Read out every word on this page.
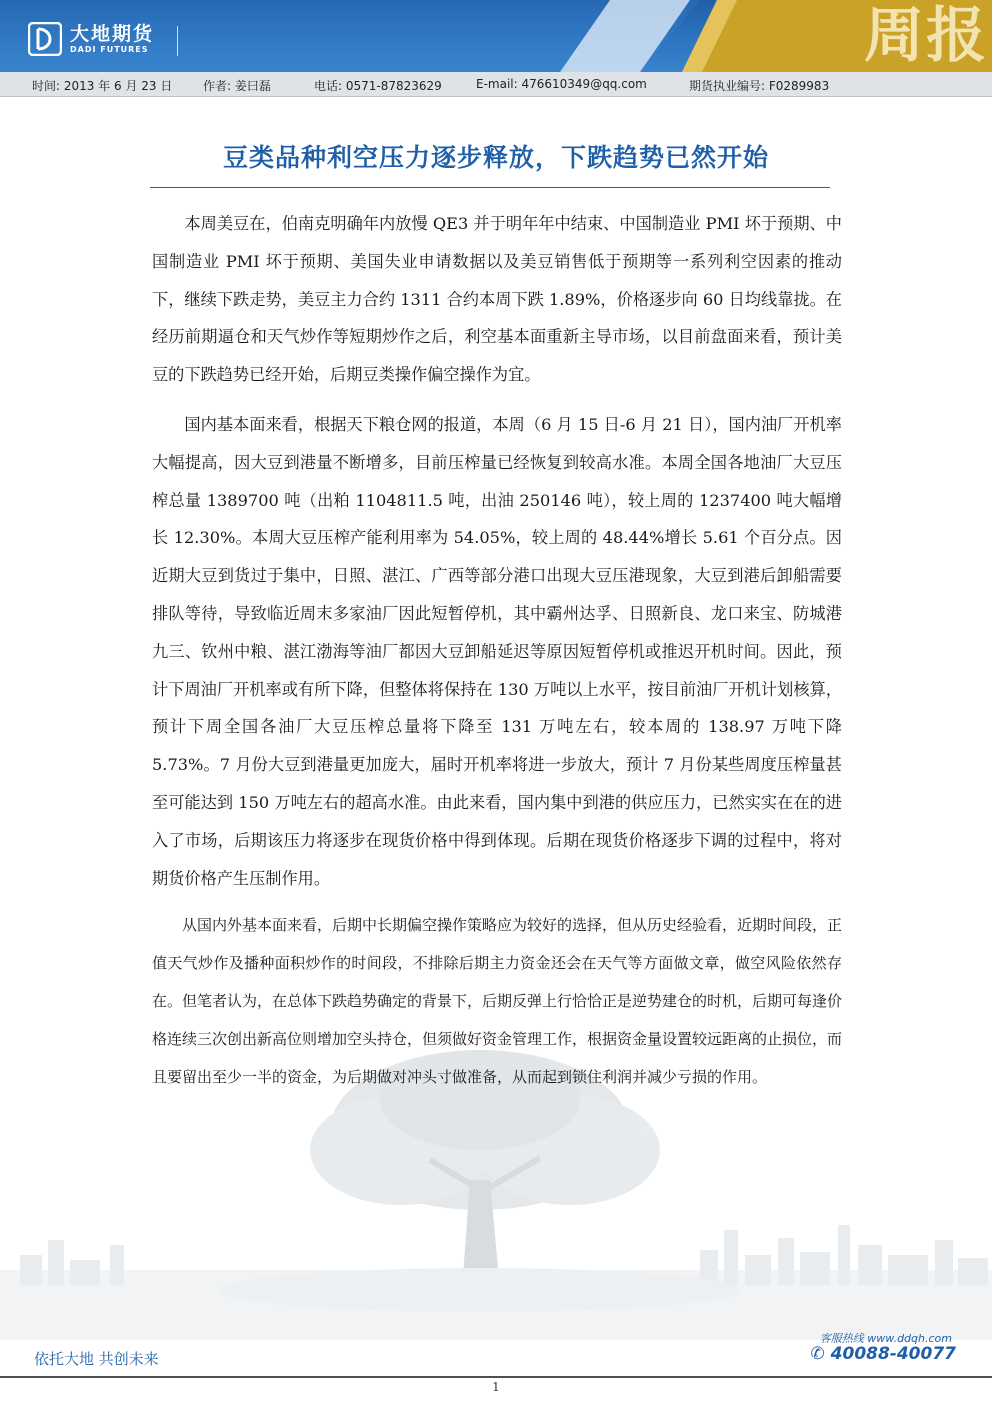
大地期货
DADI FUTURES	周报
时间: 2013 年 6 月 23 日	作者: 姜曰磊	电话: 0571-87823629	E-mail: 476610349@qq.com	期货执业编号: F0289983
豆类品种利空压力逐步释放，下跌趋势已然开始

本周美豆在，伯南克明确年内放慢 QE3 并于明年年中结束、中国制造业 PMI 坏于预期、中国制造业 PMI 坏于预期、美国失业申请数据以及美豆销售低于预期等一系列利空因素的推动下，继续下跌走势，美豆主力合约 1311 合约本周下跌 1.89%，价格逐步向 60 日均线靠拢。在经历前期逼仓和天气炒作等短期炒作之后，利空基本面重新主导市场，以目前盘面来看，预计美豆的下跌趋势已经开始，后期豆类操作偏空操作为宜。

国内基本面来看，根据天下粮仓网的报道，本周（6 月 15 日-6 月 21 日），国内油厂开机率大幅提高，因大豆到港量不断增多，目前压榨量已经恢复到较高水准。本周全国各地油厂大豆压榨总量 1389700 吨（出粕 1104811.5 吨，出油 250146 吨），较上周的 1237400 吨大幅增长 12.30%。本周大豆压榨产能利用率为 54.05%，较上周的 48.44%增长 5.61 个百分点。因近期大豆到货过于集中，日照、湛江、广西等部分港口出现大豆压港现象，大豆到港后卸船需要排队等待，导致临近周末多家油厂因此短暂停机，其中霸州达孚、日照新良、龙口来宝、防城港九三、钦州中粮、湛江渤海等油厂都因大豆卸船延迟等原因短暂停机或推迟开机时间。因此，预计下周油厂开机率或有所下降，但整体将保持在 130 万吨以上水平，按目前油厂开机计划核算，预计下周全国各油厂大豆压榨总量将下降至 131 万吨左右，较本周的 138.97 万吨下降 5.73%。7 月份大豆到港量更加庞大，届时开机率将进一步放大，预计 7 月份某些周度压榨量甚至可能达到 150 万吨左右的超高水准。由此来看，国内集中到港的供应压力，已然实实在在的进入了市场，后期该压力将逐步在现货价格中得到体现。后期在现货价格逐步下调的过程中，将对期货价格产生压制作用。

从国内外基本面来看，后期中长期偏空操作策略应为较好的选择，但从历史经验看，近期时间段，正值天气炒作及播种面积炒作的时间段，不排除后期主力资金还会在天气等方面做文章，做空风险依然存在。但笔者认为，在总体下跌趋势确定的背景下，后期反弹上行恰恰正是逆势建仓的时机，后期可每逢价格连续三次创出新高位则增加空头持仓，但须做好资金管理工作，根据资金量设置较远距离的止损位，而且要留出至少一半的资金，为后期做对冲头寸做准备，从而起到锁住利润并减少亏损的作用。

依托大地 共创未来
客服热线 www.ddqh.com
✆ 40088-40077
1
